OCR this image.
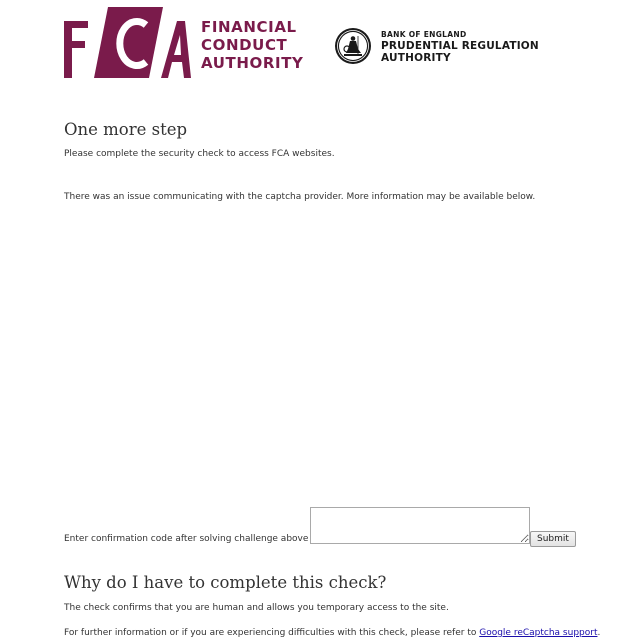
FINANCIAL
CONDUCT
AUTHORITY
BANK OF ENGLAND
PRUDENTIAL REGULATION
AUTHORITY
One more step

Please complete the security check to access FCA websites.

There was an issue communicating with the captcha provider. More information may be available below.

Enter confirmation code after solving challenge above	Submit
Why do I have to complete this check?

The check confirms that you are human and allows you temporary access to the site.

For further information or if you are experiencing difficulties with this check, please refer to Google reCaptcha support.
